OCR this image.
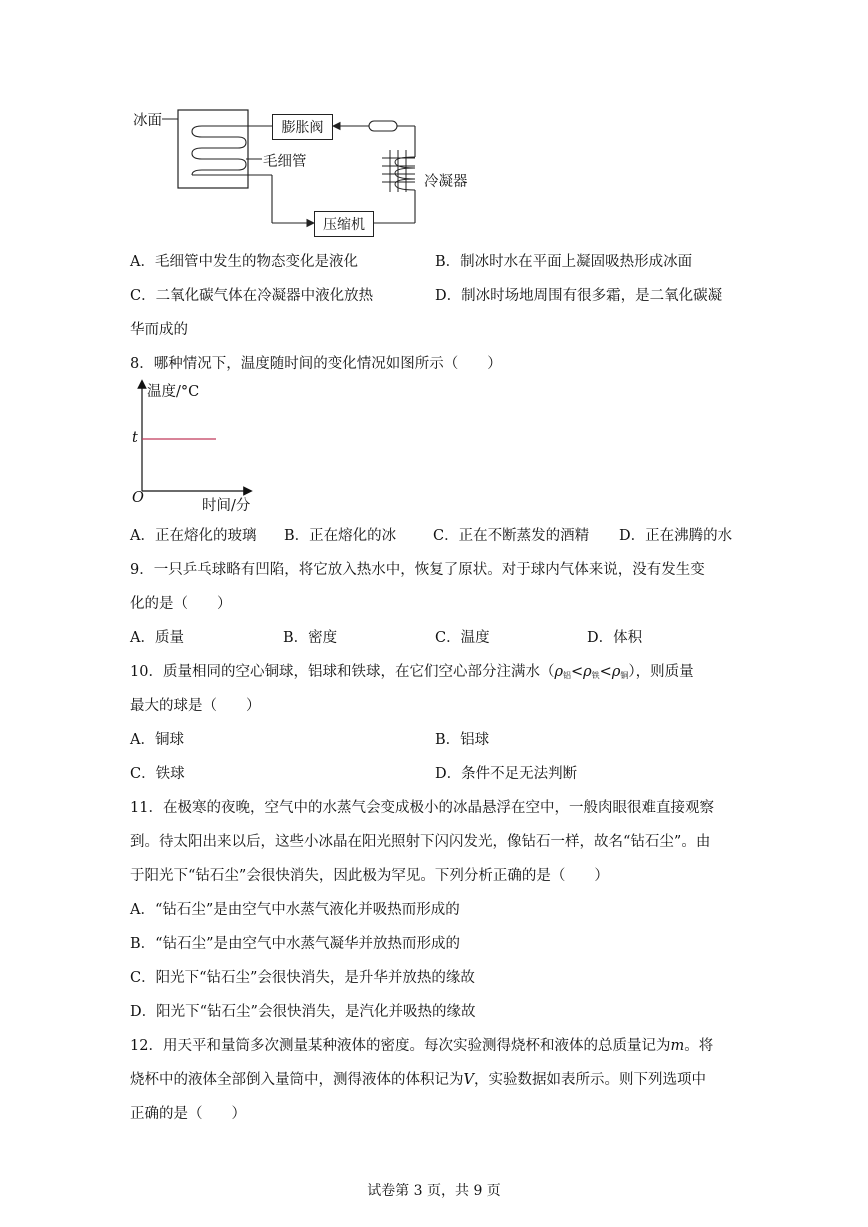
冰面
毛细管
膨胀阀
冷凝器
压缩机
A．毛细管中发生的物态变化是液化	B．制冰时水在平面上凝固吸热形成冰面
C．二氧化碳气体在冷凝器中液化放热	D．制冰时场地周围有很多霜，是二氧化碳凝
华而成的
8．哪种情况下，温度随时间的变化情况如图所示（　　）
温度/°C
t
O	时间/分
A．正在熔化的玻璃 B．正在熔化的冰	C．正在不断蒸发的酒精 D．正在沸腾的水
9．一只乒乓球略有凹陷，将它放入热水中，恢复了原状。对于球内气体来说，没有发生变
化的是（　　）
A．质量	B．密度	C．温度	D．体积
10．质量相同的空心铜球，铝球和铁球，在它们空心部分注满水$(\rho_铝<\rho_铁<\rho_铜)$，则质量
最大的球是（　　）
A．铜球	B．铝球
C．铁球	D．条件不足无法判断
11．在极寒的夜晚，空气中的水蒸气会变成极小的冰晶悬浮在空中，一般肉眼很难直接观察
到。待太阳出来以后，这些小冰晶在阳光照射下闪闪发光，像钻石一样，故名“钻石尘”。由
于阳光下“钻石尘”会很快消失，因此极为罕见。下列分析正确的是（　　）
A．“钻石尘”是由空气中水蒸气液化并吸热而形成的
B．“钻石尘”是由空气中水蒸气凝华并放热而形成的
C．阳光下“钻石尘”会很快消失，是升华并放热的缘故
D．阳光下“钻石尘”会很快消失，是汽化并吸热的缘故
12．用天平和量筒多次测量某种液体的密度。每次实验测得烧杯和液体的总质量记为m。将
烧杯中的液体全部倒入量筒中，测得液体的体积记为V，实验数据如表所示。则下列选项中
正确的是（　　）
试卷第 3 页，共 9 页
